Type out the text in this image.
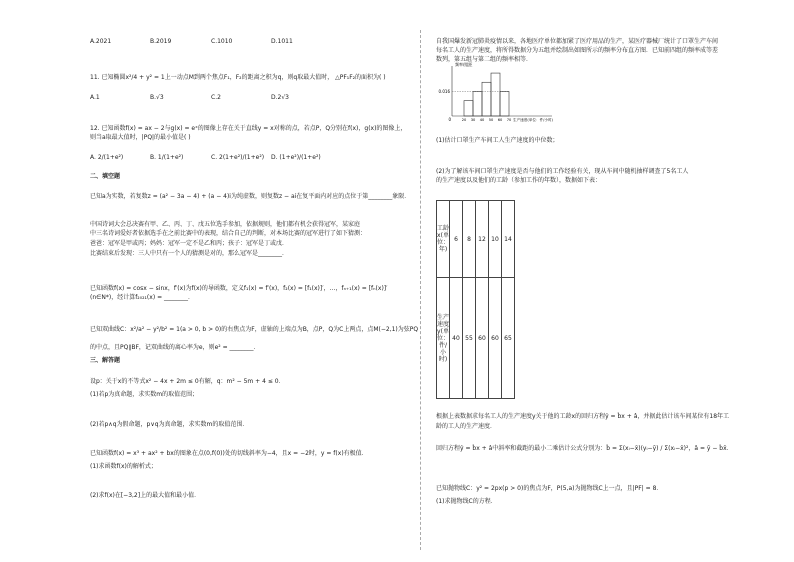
A.2021	B.2019	C.1010	D.1011
11. 已知椭圆x²/4 + y² = 1上一动点M到两个焦点F₁，F₂的距离之积为q，则q取最大值时， △PF₁F₂的面积为( )
A.1	B.√3	C.2	D.2√3
12. 已知函数f(x) = ax − 2与g(x) = eˣ的图像上存在关于直线y = x对称的点，若点P，Q分别在f(x)，g(x)的图像上，
则当a取最大值时，|PQ|的最小值是( )
A. 2/(1+e²)	B. 1/(1+e²)	C. 2(1+e²)/(1+e²) D. (1+e²)/(1+e²)
二、填空题
已知a为实数，若复数z = (a² − 3a − 4) + (a − 4)i为纯虚数，则复数z − ai在复平面内对应的点位于第________象限．
中国诗词大会总决赛有甲、乙、丙、丁、戊五位选手参加，依据规则，他们都有机会获得冠军，某家庭
中三名诗词爱好者依据选手在之前比赛中的表现，结合自己的判断，对本场比赛的冠军进行了如下猜测：
爸爸：冠军是甲或丙；妈妈：冠军一定不是乙和丙；孩子：冠军是丁或戊．
比赛结束后发现：三人中只有一个人的猜测是对的，那么冠军是________．
已知函数f(x) = cosx − sinx，f′(x)为f(x)的导函数，定义f₁(x) = f′(x)，f₂(x) = [f₁(x)]′，…，fₙ₊₁(x) = [fₙ(x)]′
(n∈N*)，经计算f₂₀₂₁(x) = ________．
已知双曲线C：x²/a² − y²/b² = 1(a > 0, b > 0)的右焦点为F，虚轴的上端点为B，点P，Q为C上两点，点M(−2,1)为弦PQ
的中点，且PQ∥BF，记双曲线的离心率为e，则e² = ________．
三、解答题
设p：关于x的不等式x² − 4x + 2m ≤ 0有解，q：m² − 5m + 4 ≤ 0．
(1)若p为真命题，求实数m的取值范围；
(2)若p∧q为假命题，p∨q为真命题，求实数m的取值范围．
已知函数f(x) = x³ + ax² + bx的图象在点(0,f(0))处的切线斜率为−4，且x = −2时，y = f(x)有极值．
(1)求函数f(x)的解析式；
(2)求f(x)在[−3,2]上的最大值和最小值．
自我国爆发新冠肺炎疫情以来，各地医疗单位都加紧了医疗用品的生产，某医疗器械厂统计了口罩生产车间
每名工人的生产速度，将所得数据分为五组并绘制出如图所示的频率分布直方图．已知前四组的频率成等差
数列，第五组与第二组的频率相等．
频率/组距
0.016
0	20 30 40 50 60 70 生产速度(单位：件/小时)
(1)估计口罩生产车间工人生产速度的中位数；
(2)为了解该车间口罩生产速度是否与他们的工作经验有关，现从车间中随机抽样调查了5名工人
的生产速度以及他们的工龄（参加工作的年数），数据如下表：
工龄x(单位：年)	6	8	12	10	14
生产速度y(单位：件/小时)	40	55	60	60	65
根据上表数据求每名工人的生产速度y关于他的工龄x的回归方程ŷ = b̂x + â，并据此估计该车间某位有18年工
龄的工人的生产速度．
回归方程ŷ = b̂x + â中斜率和截距的最小二乘估计公式分别为：b̂ = Σ(xᵢ−x̄)(yᵢ−ȳ) / Σ(xᵢ−x̄)²，â = ȳ − b̂x̄．
已知抛物线C：y² = 2px(p > 0)的焦点为F，P(5,a)为抛物线C上一点，且|PF| = 8．
(1)求抛物线C的方程．
